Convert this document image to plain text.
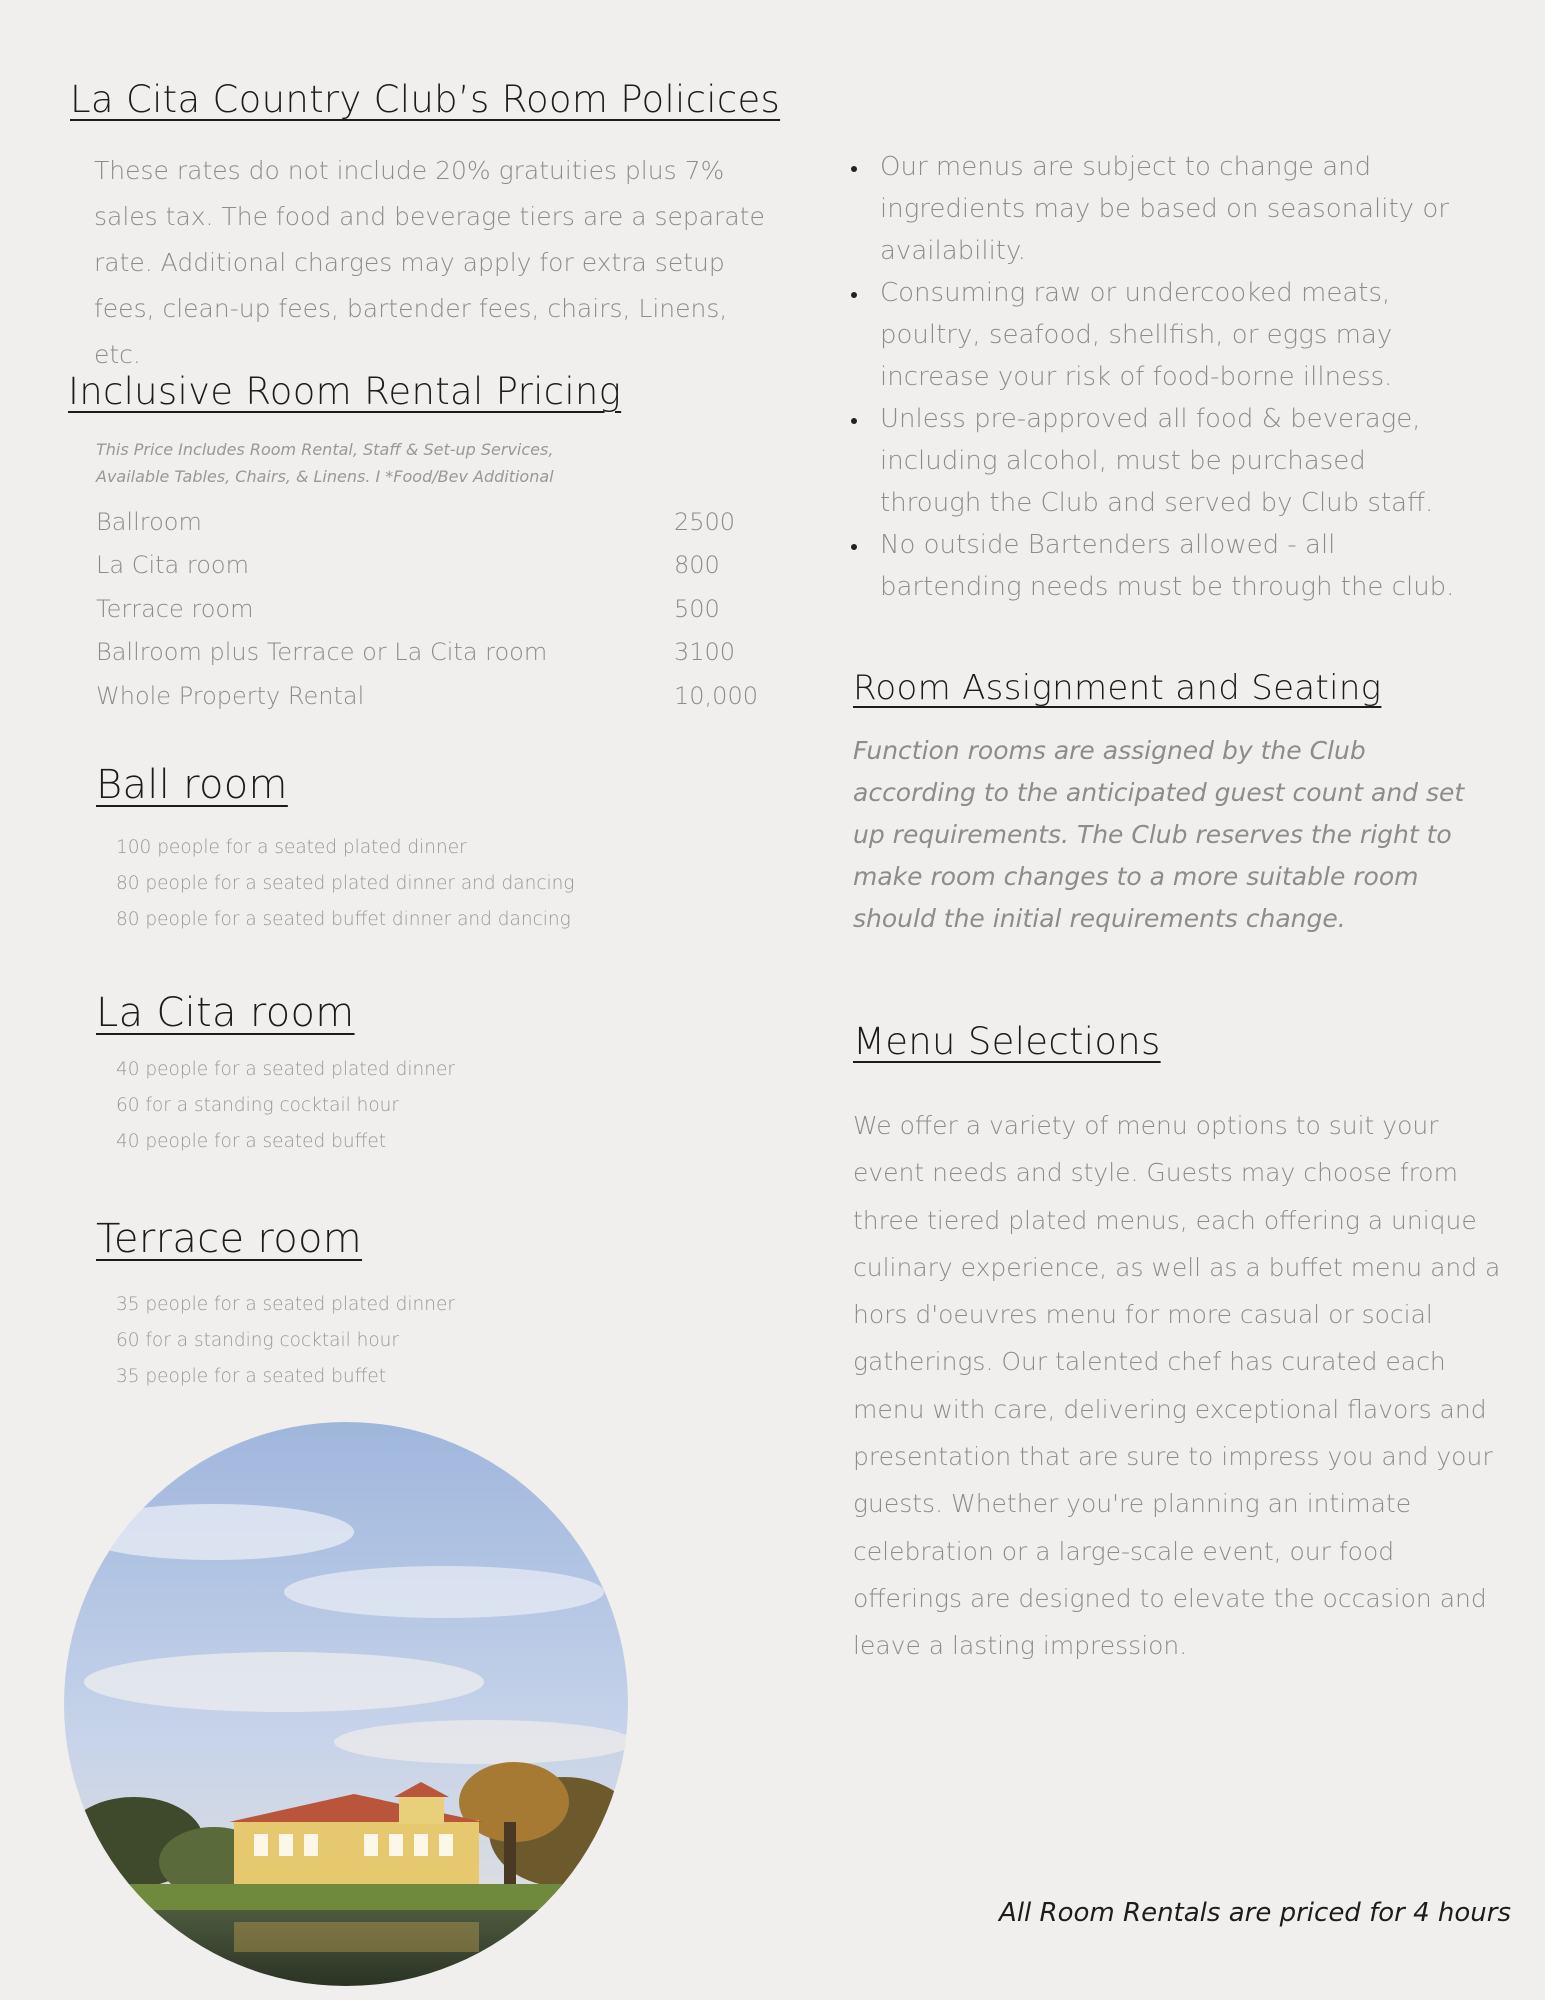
La Cita Country Club’s Room Policices
These rates do not include 20% gratuities plus 7% sales tax. The food and beverage tiers are a separate rate. Additional charges may apply for extra setup fees, clean-up fees, bartender fees, chairs, Linens, etc.
Inclusive Room Rental Pricing
This Price Includes Room Rental, Staff & Set-up Services,
Available Tables, Chairs, & Linens. I *Food/Bev Additional
Ballroom	2500
La Cita room	800
Terrace room	500
Ballroom plus Terrace or La Cita room	3100
Whole Property Rental	10,000
Ball room
100 people for a seated plated dinner
80 people for a seated plated dinner and dancing
80 people for a seated buffet dinner and dancing
La Cita room
40 people for a seated plated dinner
60 for a standing cocktail hour
40 people for a seated buffet
Terrace room
35 people for a seated plated dinner
60 for a standing cocktail hour
35 people for a seated buffet
• Our menus are subject to change and ingredients may be based on seasonality or availability.
• Consuming raw or undercooked meats, poultry, seafood, shellfish, or eggs may increase your risk of food-borne illness.
• Unless pre-approved all food & beverage, including alcohol, must be purchased through the Club and served by Club staff.
• No outside Bartenders allowed - all bartending needs must be through the club.
Room Assignment and Seating
Function rooms are assigned by the Club according to the anticipated guest count and set up requirements. The Club reserves the right to make room changes to a more suitable room should the initial requirements change.
Menu Selections
We offer a variety of menu options to suit your event needs and style. Guests may choose from three tiered plated menus, each offering a unique culinary experience, as well as a buffet menu and a hors d'oeuvres menu for more casual or social gatherings. Our talented chef has curated each menu with care, delivering exceptional flavors and presentation that are sure to impress you and your guests. Whether you're planning an intimate celebration or a large-scale event, our food offerings are designed to elevate the occasion and leave a lasting impression.
All Room Rentals are priced for 4 hours
